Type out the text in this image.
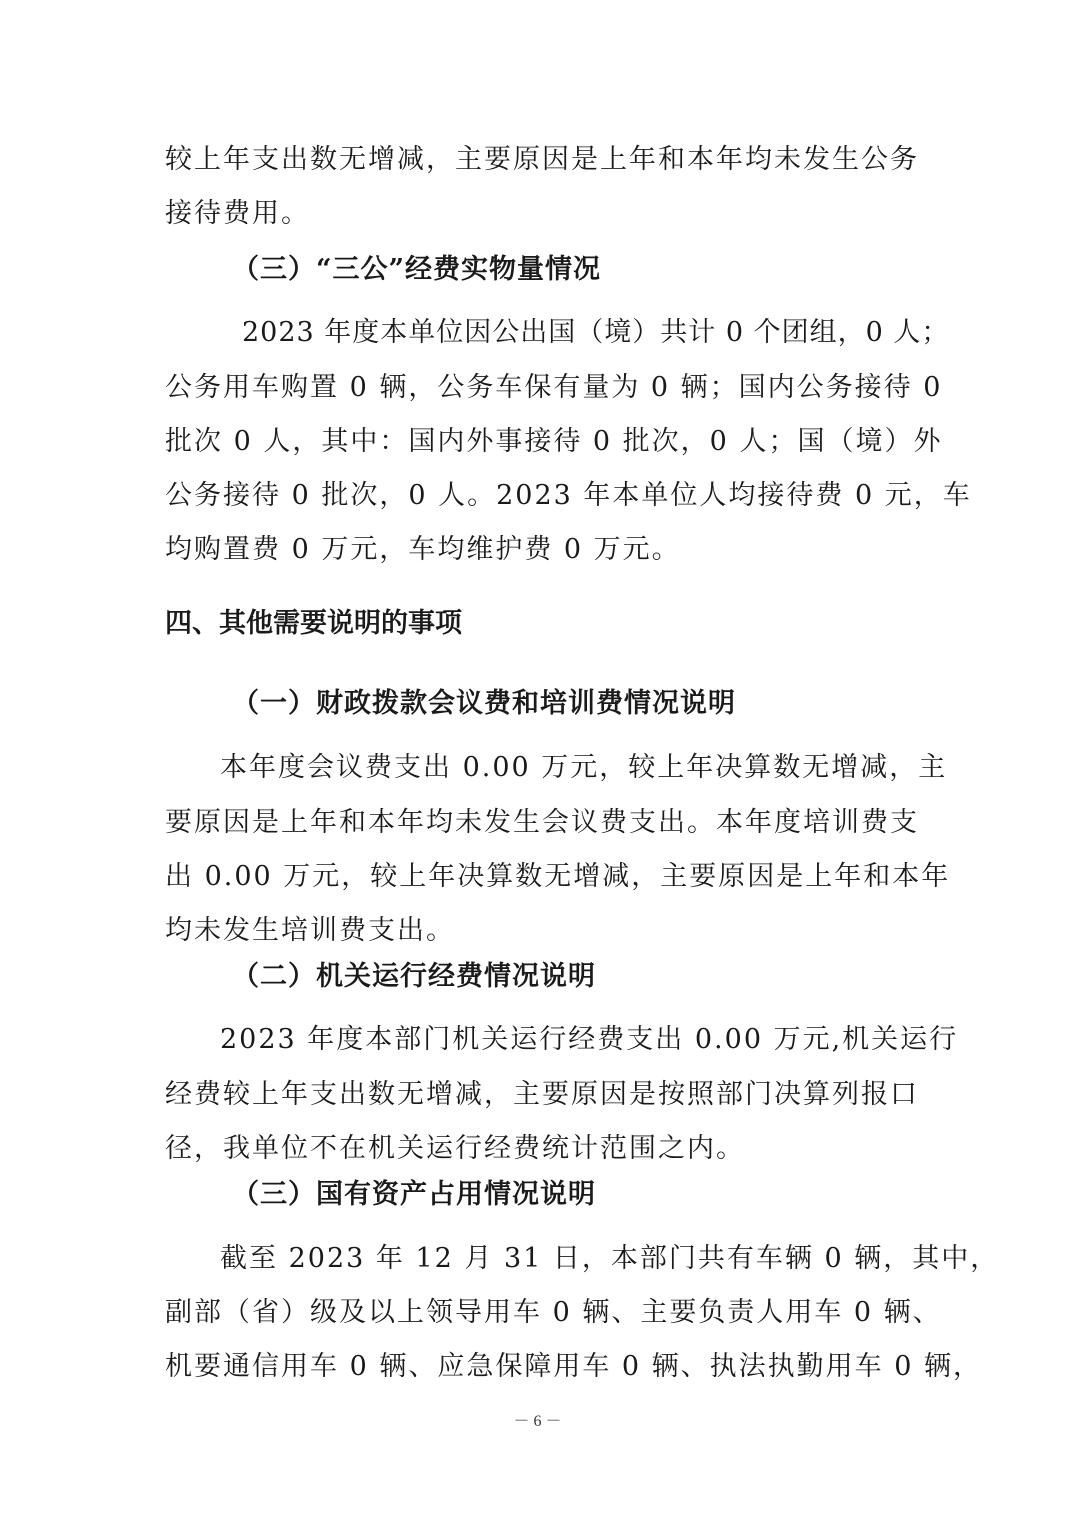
较上年支出数无增减，主要原因是上年和本年均未发生公务

接待费用。

（三）“三公”经费实物量情况

2023 年度本单位因公出国（境）共计 0 个团组，0 人；

公务用车购置 0 辆，公务车保有量为 0 辆；国内公务接待 0

批次 0 人，其中：国内外事接待 0 批次，0 人；国（境）外

公务接待 0 批次，0 人。2023 年本单位人均接待费 0 元，车

均购置费 0 万元，车均维护费 0 万元。

四、其他需要说明的事项

（一）财政拨款会议费和培训费情况说明

本年度会议费支出 0.00 万元，较上年决算数无增减，主

要原因是上年和本年均未发生会议费支出。本年度培训费支

出 0.00 万元，较上年决算数无增减，主要原因是上年和本年

均未发生培训费支出。

（二）机关运行经费情况说明

2023 年度本部门机关运行经费支出 0.00 万元,机关运行

经费较上年支出数无增减，主要原因是按照部门决算列报口

径，我单位不在机关运行经费统计范围之内。

（三）国有资产占用情况说明

截至 2023 年 12 月 31 日，本部门共有车辆 0 辆，其中，

副部（省）级及以上领导用车 0 辆、主要负责人用车 0 辆、

机要通信用车 0 辆、应急保障用车 0 辆、执法执勤用车 0 辆，

－ 6 －
